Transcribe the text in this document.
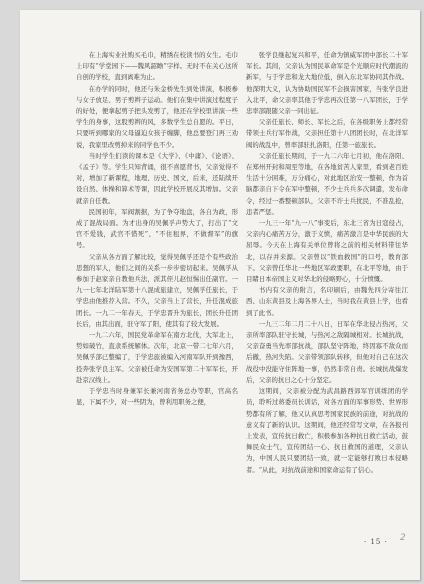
在上海实业社购买毛巾，精绣在校读书的女生。毛巾上印有“学堂园下——魏风韶瞻”字样。无时不在关心这所自创的学校，直到离难为止。

在办学的同时，他还与朱金桥先生到处讲演，积极参与女子放足、男子剪辫子运动。他们在集中讲演过程度子的好处，便拿起剪子把头发剪了，他还在学校里讲演一些学生的身事，这股剪辫的风，多数学生总自愿的。平日，只要听到哪家的父母逼迫女孩子缠脚，他总要登门再三劝说，我家里改剪掉来的同学也不少。

当时学生们读的课本是《大学》、《中庸》、《论语》、《孟子》等。学生只知背诵，很不喜愿背书，父亲觉得不对，增加了新课程，地理、历史、国文，后来，还陆续开设自然、体操和算术等课，因此学校开展反其增加。父亲就亲自任教。

民国初年，军阀割据，为了争夺地盘，各自为政，形成了混战局面。为才出身的吴佩孚声势大了，打出了“文官不爱钱，武官不惜死”、“不住租界，不做督军”的旗号。

父亲从各方面了解比较，觉得吴佩孚还是个有些政治思想的军人，他们之间的关系一步步密切起来。吴佩孚从参加于赵家亲自教他兵法，派其侄儿赵恒惕出任副官。一九一七年北洋陆军第十八混成旅建立，吴佩孚任旅长，于学忠由他推荐入营。不久，父亲当上了营长，升任混成旅团长。一九二一年春天，于学忠晋升为旅长，团长升任团长后，由其出面，驻守军了阳，使其有了较大发展。

一九二六年，国民党革命军在南方北伐，大军北上，势如破竹，直隶系统解体。次年，北京一带二七年六月，吴佩孚部已整编了，于学忠旅被编入河南军队开到豫西，投奔张学良主军。父亲被任命为安国军第二十军军长，开赴京汉线上。

于学忠当时身兼军长兼河南省务总办等职，官高名显，下属不少，对一些阴为，曾利用职务之便，

张学良继起复兴和平，任命为镇威军团中部长二十军军长。其间，父亲认为国民革命军是个光顺应时代潮流的新军，与于学忠和龙大地位低，倒入东北军协同其作战。他深明大义，认为协助国民军不会损害国家，当张学良进入北平，命父亲率其他于学忠再次任第一八军团长，于学忠率部跟随父亲一同出征。

父亲任旅长、师长、军长之后，在各级职务上都经常带领士兵行军作战，父亲担任第十八团团长时，在北洋军阀的战乱中，曾率部驻扎洛阳，任第一旅旅长。

父亲任旅长期间，于一九二六年七月初，他在洛阳、在郑州开封和周至等地，在各地贫苦人家里，看到老百姓生活十分困难，万分痛心，对此地区治安一整顿，作为首脑都亲自下令在军中整顿，不少士兵兵多次调遣，发布命令，经过一番整顿部队，父亲不许士兵扰民，不准乱抢，违者严惩。

一九三一年“九一八”事变后，东北三省为日寇侵占，父亲内心痛苦万分，激于义愤，痛苦激言是中华民族的大屈辱。今天在上海有关单位曾将之前的相关材料带往华北，以存并来源。父亲曾以“铁血救国”的口号，教育部下。父亲曾任华北一些地区军政要职，在北平等地，由于目睹日本帝国主义对华北的侵略野心，十分愤慨。

书内有父亲的附言，名印刷后，由魏先四分寄往江西、山东黄县及上海各界人士，当时我在黄县上学，也看到了此书。

一九三二年二月二十八日，日军在华北侵占热河，父亲所率部队驻守长城，与热河之敌隔城相对。长城抗战，父亲奋勇当先率部抗战，部队坚守阵地，终因寡不敌众而后撤，热河失陷。父亲带领部队转移，但他对自己在这次战役中没能守住阵地一事，仍然非常自责。长城抗战爆发后，父亲的抗日之心十分坚定。

这期间，父亲被分配为武昌路西郊军官训练团的学员，聆听过蒋委员长训话，对各方面的军事形势、世界形势都有所了解，他又认真思考国家民族的前途，对抗战的意义有了新的认识。这期间，他还经常写文章，在各报刊上发表，宣传抗日救亡，积极参加各种抗日救亡活动，鼓舞民众士气，宣传团结一心、抗日救国的道理，父亲认为，中国人民只要团结一致，就一定能够打败日本侵略者。“从此，对抗战前途和国家命运有了信心。

· 15 · 2
